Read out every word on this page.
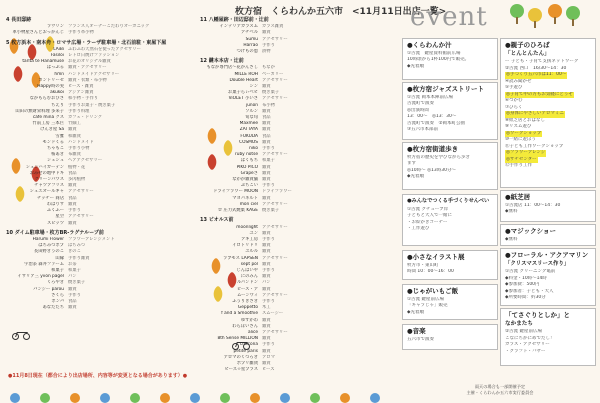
枚方宿　くらわんか五六市　<11月11日出店一覧>
event
4 長田邸跡
ラヴリン フランス人オーナーこだわりオーガニック
革小物屋さんどおっかんじ 手作り革小物
5 枚方浜本・南本舟・ロマサ広場・ラーザ駐車場・北石前駐・東屋下屋
LAiBi ふわふわ天然石を使ったアクセサリー
Fasiloi レトロ日焼けファッション
tarlta te Hanamuse お花のオリジナル雑貨
はっぷる 雑貨・アクセサリー
hmn ハンドメイドアクセサリー
カントリーゼ 雑貨・衣類・布小物
Happy時の実 ビーズ・雑貨
akukoi アジアン雑貨
なかもらむおびさ 和小物・手作り
ちえり 手作りお菓子・焼き菓子
山田の無財栄料理 多来子 手作り料理
cafe mina クス カフェ・ドリンク
竹前工房 三本巨 竹細工
げんき屋 Sa 雑貨
雪雅 和雑貨
モンドくる ハンドメイド
ちゃもこ 手作り小物
桜あき 布雑貨
シュシュ ヘアアクセサリー
シュンハイガーデン 植物・花
おみせの地中ドキ 食品
グリーンパワス 多肉植物
チャツアフリス 雑貨
シュエオールギャ アクセサリー
チッチー 商店 食品
わぱりサ 雑貨
ふくふー 手作り
星空 アクセサリー
スピッツ 雑貨
10 ダイム駐車場・枚方BR-ラグナループ前
Harumi Flower フラワーアレンジメント
はちみつポプ はちみつ
長田野きうのこ きのこ
山縁 手作り雑貨
宇治茶 森井ファーム お茶
和菓子 和菓子
イサリア三 yvon pagel パン
くろやき 焼き菓子
バンジー parou 雑貨
さくら 手作り
ポンバ 食品
あなたたち 雑貨
11 八幡屋跡・田辺邸前・辻前
インテリアガラスム ガラス雑貨
アチベル 雑貨
Sumu アクセサリー
Harrao 手作り
つけもの恵 漬物
12 鍵本本店・辻前
もなか専門店〜花かんざし もなか
MILLE ROH ベーカリー
Double Heart アクセサリー
シン 雑貨
お菓子らぃベビ 焼き菓子
ViOLET 小いさ アクセサリー
junon 布小物
ソルン 雑貨
旬な旬 食品
Maxmee 雑貨
ZATTAYA 雑貨
FUKUDA 食品
COSMOS 雑貨
niko 手作り
ruby notse アクセサリー
はくもち 和菓子
PIKO PICO 雑貨
Grapeさ 雑貨
ながが雑貨舗 雑貨
ぷちこい 手作り
ドライフラワー MOON ドライフラワー
マヨパネルト 雑貨
mon ciel アクセサリー
ロ 圧力式焼菓 KAGE 焼き菓子
13 ビオルス前
moonlight アクセサリー
ユン 雑貨
アキ工房 手作り
イロトリドリ 雑貨
ユルル 雑貨
ラブモス LAPSEN アクセサリー
sept pol 雑貨
じんぱいや 手作り
にのみん 雑貨
ルパンドン パン
ピース・ア 雑貨
ムーンウィ アクセサリー
ふうりきさき 手作り
Geppetto 木工
f and a Smoothie スムージー
ゆずかわ 雑貨
わらぼいさん 雑貨
alice アクセサリー
8th Sense MILLION 雑貨
chacona 手作り
petite paris 雑貨
アロマのくつろぎ アロマ
ポプリ雑貨 雑貨
ビーズ☆星プラス ビーズ
●11月8日現在（都合により出店場所、内容等が変更となる場合があります）●
●くらわんか汁
①古流　鍵屋資料館前広場
10時頃から1杯100円で販売。
◆先着順
●枚方宿ジャズストリート
①古流 岡本本陣前広場
古流町で演奏
◎出演時間
13：00〜　◎13：30〜
古流町で演奏　②岡本町公園
③五六市本部前
●枚方宿街道歩き
枚方宿の歴史を学びながら歩き
ます
◎10時〜 ◎13時30分〜
◆先着順
●みんなでつくる手づくりせんべい
①古流 クチューブ岸
子どもと大人で一緒に
・お絵かきコーナー
・工作遊び
●小さなイラスト展
枚方市・東山町
時間 10：00〜16：00
●じゃがいもご飯
①古流 鍵屋前広場
「キャラじゃ」販売
◆先着順
●音楽
五六市で演奏
●親子のひろば
「とんとんたん」
ー 子ども・子育て支援ネットワーク
②古流 西口　16/30〜14：30
◎手づくり五六市は11：00〜
④読み聞かせ
⑤手遊び
◎子育て中の方もお気軽にどうぞ
⑥つかむ
⑦ひらく
◎身体にやさしいアロマミニ
⑧紙芝居とおはなし
⑨リズム遊び
◎ワークショップ
⑩一緒に遊ぼう
⑪子ども工作ワークショップ
◎フラワーアレンジ
◎サチセンター
⑫手作り工作
●紙芝居
①古流店 11：00〜14：30
◆無料
●マジックショー
◆無料
●フローラル・アクアマリン
「クリスマスリース作り」
①古流 クリーニング亀前
◆料金・10時〜14時
◆参加費：500円
◆参加者：子ども・大人
◆所要時間：約30分
「てさぐりとしか」と
なかまたち
②古流 鍵屋前広場
こなにちかにめでたし！
ガラス・アクセサリー
・クラフト・バザー
雨天の場合も一部開催予定
主催・くらわんか五六市実行委員会
